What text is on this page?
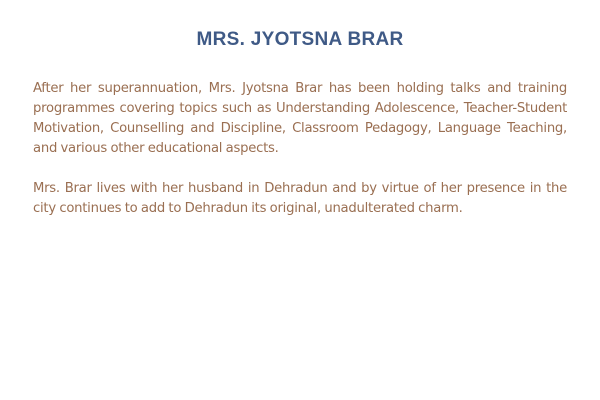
MRS. JYOTSNA BRAR

After her superannuation, Mrs. Jyotsna Brar has been holding talks and training programmes covering topics such as Understanding Adolescence, Teacher-Student Motivation, Counselling and Discipline, Classroom Pedagogy, Language Teaching, and various other educational aspects.

Mrs. Brar lives with her husband in Dehradun and by virtue of her presence in the city continues to add to Dehradun its original, unadulterated charm.
